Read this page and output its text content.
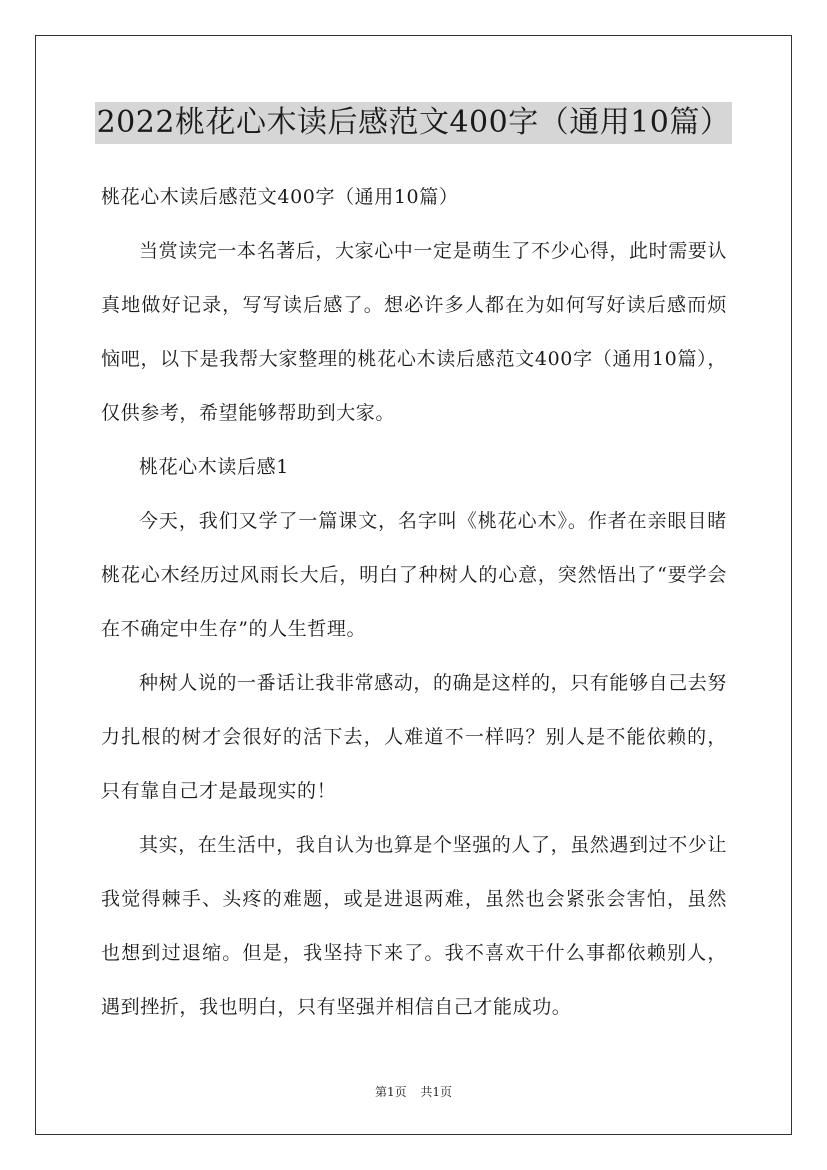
2022桃花心木读后感范文400字（通用10篇）

桃花心木读后感范文400字（通用10篇）

当赏读完一本名著后，大家心中一定是萌生了不少心得，此时需要认真地做好记录，写写读后感了。想必许多人都在为如何写好读后感而烦恼吧，以下是我帮大家整理的桃花心木读后感范文400字（通用10篇），仅供参考，希望能够帮助到大家。

桃花心木读后感1

今天，我们又学了一篇课文，名字叫《桃花心木》。作者在亲眼目睹桃花心木经历过风雨长大后，明白了种树人的心意，突然悟出了“要学会在不确定中生存”的人生哲理。

种树人说的一番话让我非常感动，的确是这样的，只有能够自己去努力扎根的树才会很好的活下去，人难道不一样吗？别人是不能依赖的，只有靠自己才是最现实的！

其实，在生活中，我自认为也算是个坚强的人了，虽然遇到过不少让我觉得棘手、头疼的难题，或是进退两难，虽然也会紧张会害怕，虽然也想到过退缩。但是，我坚持下来了。我不喜欢干什么事都依赖别人，遇到挫折，我也明白，只有坚强并相信自己才能成功。

第1页 共1页
